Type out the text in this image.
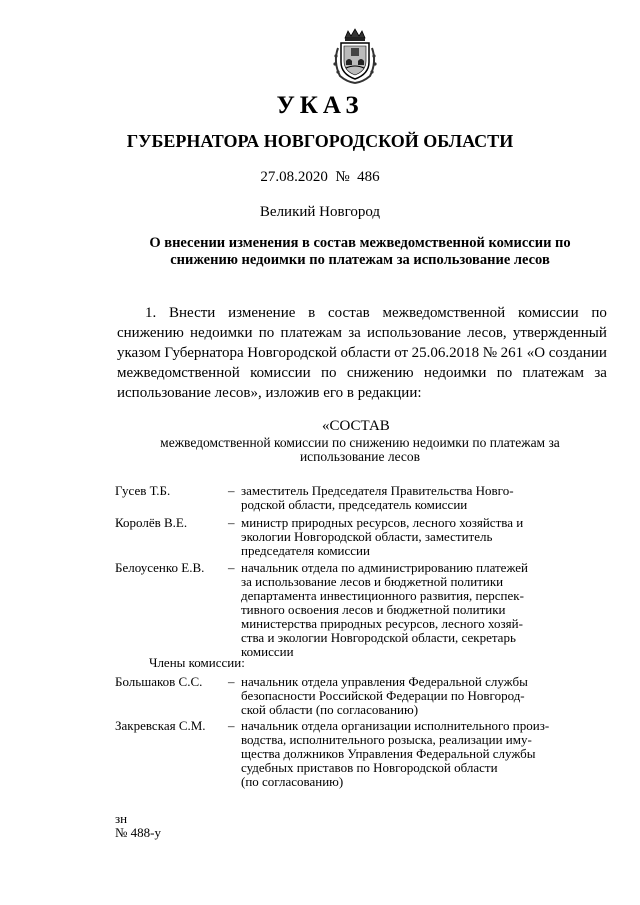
УКАЗ
ГУБЕРНАТОРА НОВГОРОДСКОЙ ОБЛАСТИ
27.08.2020 № 486
Великий Новгород
О внесении изменения в состав межведомственной комиссии по
снижению недоимки по платежам за использование лесов
1. Внести изменение в состав межведомственной комиссии по
снижению недоимки по платежам за использование лесов, утвержденный
указом Губернатора Новгородской области от 25.06.2018 № 261 «О создании
межведомственной комиссии по снижению недоимки по платежам за
использование лесов», изложив его в редакции:
«СОСТАВ
межведомственной комиссии по снижению недоимки по платежам за
использование лесов
Гусев Т.Б.	– заместитель Председателя Правительства Новго-
родской области, председатель комиссии
Королёв В.Е.	– министр природных ресурсов, лесного хозяйства и
экологии Новгородской области, заместитель
председателя комиссии
Белоусенко Е.В. – начальник отдела по администрированию платежей
за использование лесов и бюджетной политики
департамента инвестиционного развития, перспек-
тивного освоения лесов и бюджетной политики
министерства природных ресурсов, лесного хозяй-
ства и экологии Новгородской области, секретарь
комиссии
Члены комиссии:
Большаков С.С. – начальник отдела управления Федеральной службы
безопасности Российской Федерации по Новгород-
ской области (по согласованию)
Закревская С.М. – начальник отдела организации исполнительного произ-
водства, исполнительного розыска, реализации иму-
щества должников Управления Федеральной службы
судебных приставов по Новгородской области
(по согласованию)
зн
№ 488-у
